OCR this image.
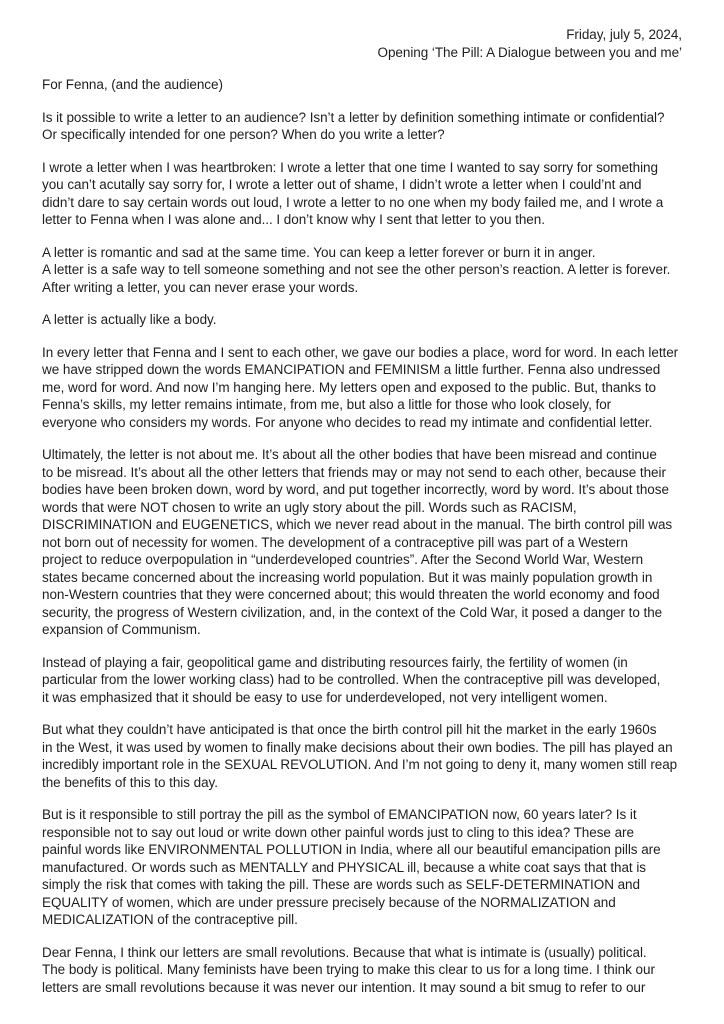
Friday, july 5, 2024,
Opening ‘The Pill: A Dialogue between you and me’
For Fenna, (and the audience)
Is it possible to write a letter to an audience? Isn’t a letter by definition something intimate or confidential?
Or specifically intended for one person? When do you write a letter?
I wrote a letter when I was heartbroken: I wrote a letter that one time I wanted to say sorry for something
you can’t acutally say sorry for, I wrote a letter out of shame, I didn’t wrote a letter when I could’nt and
didn’t dare to say certain words out loud, I wrote a letter to no one when my body failed me, and I wrote a
letter to Fenna when I was alone and... I don’t know why I sent that letter to you then.
A letter is romantic and sad at the same time. You can keep a letter forever or burn it in anger.
A letter is a safe way to tell someone something and not see the other person’s reaction. A letter is forever.
After writing a letter, you can never erase your words.
A letter is actually like a body.
In every letter that Fenna and I sent to each other, we gave our bodies a place, word for word. In each letter
we have stripped down the words EMANCIPATION and FEMINISM a little further. Fenna also undressed
me, word for word. And now I’m hanging here. My letters open and exposed to the public. But, thanks to
Fenna’s skills, my letter remains intimate, from me, but also a little for those who look closely, for
everyone who considers my words. For anyone who decides to read my intimate and confidential letter.
Ultimately, the letter is not about me. It’s about all the other bodies that have been misread and continue
to be misread. It’s about all the other letters that friends may or may not send to each other, because their
bodies have been broken down, word by word, and put together incorrectly, word by word. It’s about those
words that were NOT chosen to write an ugly story about the pill. Words such as RACISM,
DISCRIMINATION and EUGENETICS, which we never read about in the manual. The birth control pill was
not born out of necessity for women. The development of a contraceptive pill was part of a Western
project to reduce overpopulation in “underdeveloped countries”. After the Second World War, Western
states became concerned about the increasing world population. But it was mainly population growth in
non-Western countries that they were concerned about; this would threaten the world economy and food
security, the progress of Western civilization, and, in the context of the Cold War, it posed a danger to the
expansion of Communism.
Instead of playing a fair, geopolitical game and distributing resources fairly, the fertility of women (in
particular from the lower working class) had to be controlled. When the contraceptive pill was developed,
it was emphasized that it should be easy to use for underdeveloped, not very intelligent women.
But what they couldn’t have anticipated is that once the birth control pill hit the market in the early 1960s
in the West, it was used by women to finally make decisions about their own bodies. The pill has played an
incredibly important role in the SEXUAL REVOLUTION. And I’m not going to deny it, many women still reap
the benefits of this to this day.
But is it responsible to still portray the pill as the symbol of EMANCIPATION now, 60 years later? Is it
responsible not to say out loud or write down other painful words just to cling to this idea? These are
painful words like ENVIRONMENTAL POLLUTION in India, where all our beautiful emancipation pills are
manufactured. Or words such as MENTALLY and PHYSICAL ill, because a white coat says that that is
simply the risk that comes with taking the pill. These are words such as SELF-DETERMINATION and
EQUALITY of women, which are under pressure precisely because of the NORMALIZATION and
MEDICALIZATION of the contraceptive pill.
Dear Fenna, I think our letters are small revolutions. Because that what is intimate is (usually) political.
The body is political. Many feminists have been trying to make this clear to us for a long time. I think our
letters are small revolutions because it was never our intention. It may sound a bit smug to refer to our
